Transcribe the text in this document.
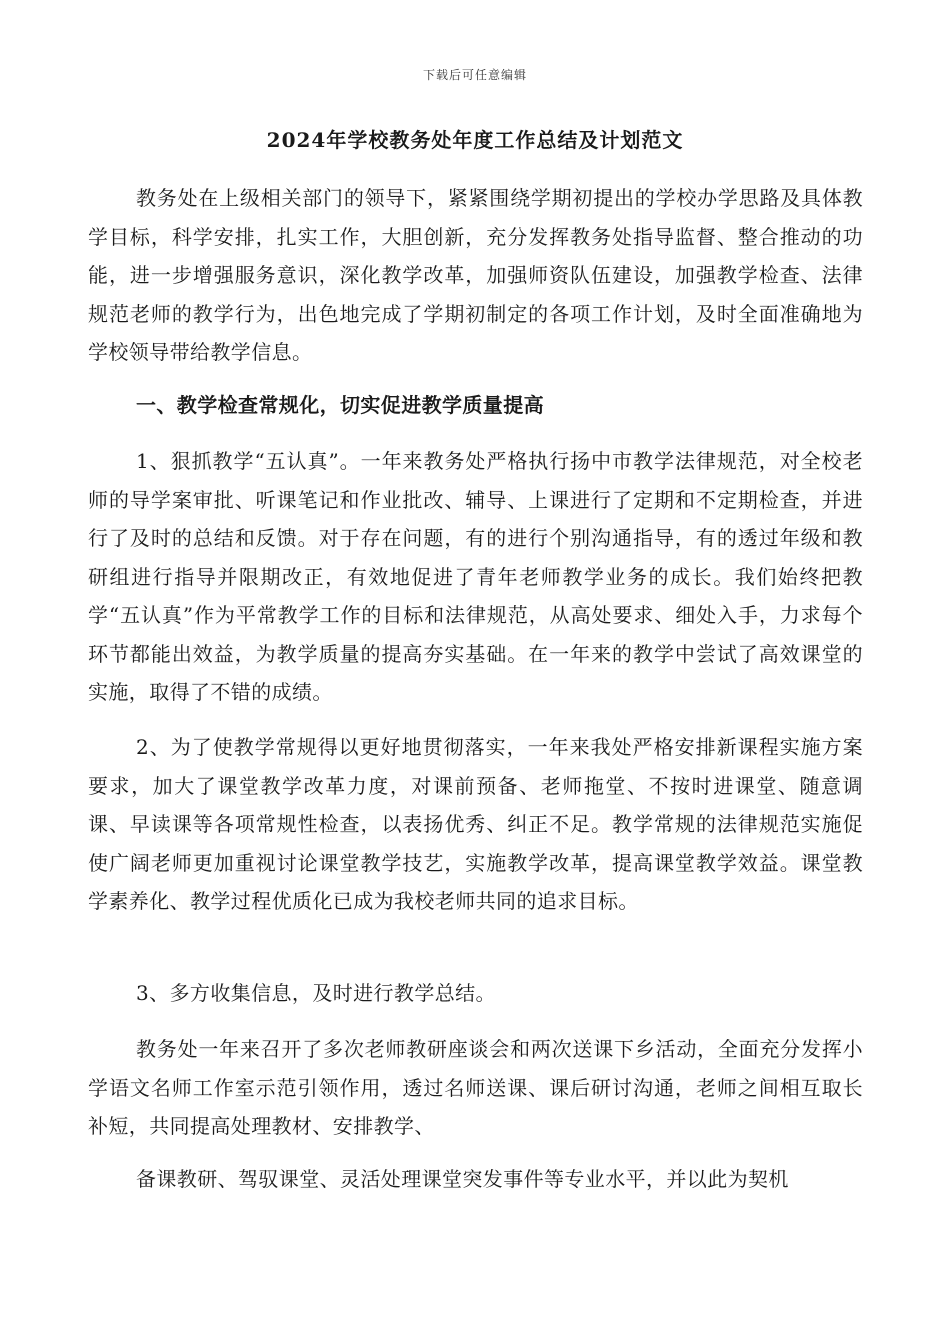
下载后可任意编辑
2024年学校教务处年度工作总结及计划范文

教务处在上级相关部门的领导下，紧紧围绕学期初提出的学校办学思路及具体教学目标，科学安排，扎实工作，大胆创新，充分发挥教务处指导监督、整合推动的功能，进一步增强服务意识，深化教学改革，加强师资队伍建设，加强教学检查、法律规范老师的教学行为，出色地完成了学期初制定的各项工作计划，及时全面准确地为学校领导带给教学信息。

一、教学检查常规化，切实促进教学质量提高

1、狠抓教学“五认真”。一年来教务处严格执行扬中市教学法律规范，对全校老师的导学案审批、听课笔记和作业批改、辅导、上课进行了定期和不定期检查，并进行了及时的总结和反馈。对于存在问题，有的进行个别沟通指导，有的透过年级和教研组进行指导并限期改正，有效地促进了青年老师教学业务的成长。我们始终把教学“五认真”作为平常教学工作的目标和法律规范，从高处要求、细处入手，力求每个环节都能出效益，为教学质量的提高夯实基础。在一年来的教学中尝试了高效课堂的实施，取得了不错的成绩。

2、为了使教学常规得以更好地贯彻落实，一年来我处严格安排新课程实施方案要求，加大了课堂教学改革力度，对课前预备、老师拖堂、不按时进课堂、随意调课、早读课等各项常规性检查，以表扬优秀、纠正不足。教学常规的法律规范实施促使广阔老师更加重视讨论课堂教学技艺，实施教学改革，提高课堂教学效益。课堂教学素养化、教学过程优质化已成为我校老师共同的追求目标。

3、多方收集信息，及时进行教学总结。

教务处一年来召开了多次老师教研座谈会和两次送课下乡活动，全面充分发挥小学语文名师工作室示范引领作用，透过名师送课、课后研讨沟通，老师之间相互取长补短，共同提高处理教材、安排教学、

备课教研、驾驭课堂、灵活处理课堂突发事件等专业水平，并以此为契机
